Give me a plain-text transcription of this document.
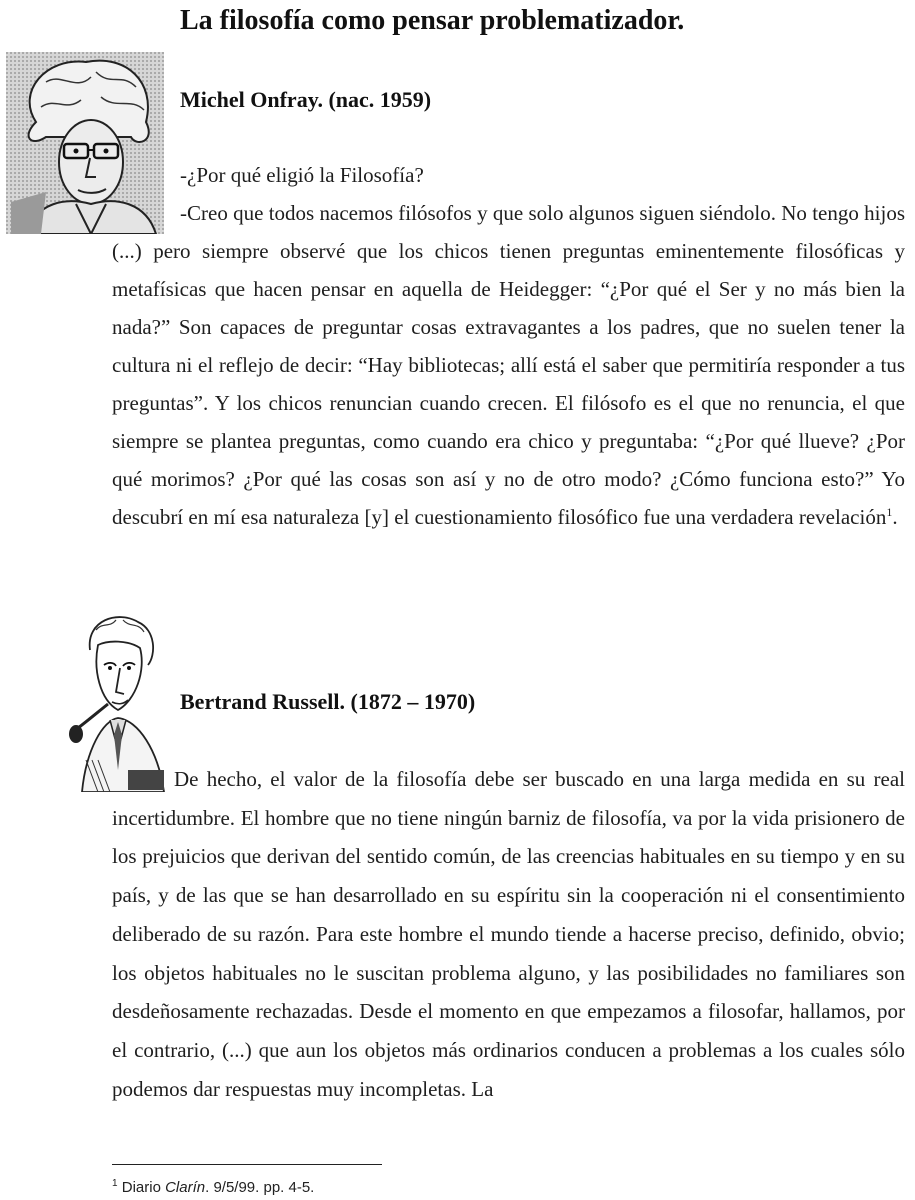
La filosofía como pensar problematizador.
Michel Onfray. (nac. 1959)
-¿Por qué eligió la Filosofía?

-Creo que todos nacemos filósofos y que solo algunos siguen siéndolo. No tengo hijos (...) pero siempre observé que los chicos tienen preguntas eminentemente filosóficas y metafísicas que hacen pensar en aquella de Heidegger: “¿Por qué el Ser y no más bien la nada?” Son capaces de preguntar cosas extravagantes a los padres, que no suelen tener la cultura ni el reflejo de decir: “Hay bibliotecas; allí está el saber que permitiría responder a tus preguntas”. Y los chicos renuncian cuando crecen. El filósofo es el que no renuncia, el que siempre se plantea preguntas, como cuando era chico y preguntaba: “¿Por qué llueve? ¿Por qué morimos? ¿Por qué las cosas son así y no de otro modo? ¿Cómo funciona esto?” Yo descubrí en mí esa naturaleza [y] el cuestionamiento filosófico fue una verdadera revelación$^1$.

Bertrand Russell. (1872 – 1970)

De hecho, el valor de la filosofía debe ser buscado en una larga medida en su real incertidumbre. El hombre que no tiene ningún barniz de filosofía, va por la vida prisionero de los prejuicios que derivan del sentido común, de las creencias habituales en su tiempo y en su país, y de las que se han desarrollado en su espíritu sin la cooperación ni el consentimiento deliberado de su razón. Para este hombre el mundo tiende a hacerse preciso, definido, obvio; los objetos habituales no le suscitan problema alguno, y las posibilidades no familiares son desdeñosamente rechazadas. Desde el momento en que empezamos a filosofar, hallamos, por el contrario, (...) que aun los objetos más ordinarios conducen a problemas a los cuales sólo podemos dar respuestas muy incompletas. La

$^1$ Diario Clarín. 9/5/99. pp. 4-5.
